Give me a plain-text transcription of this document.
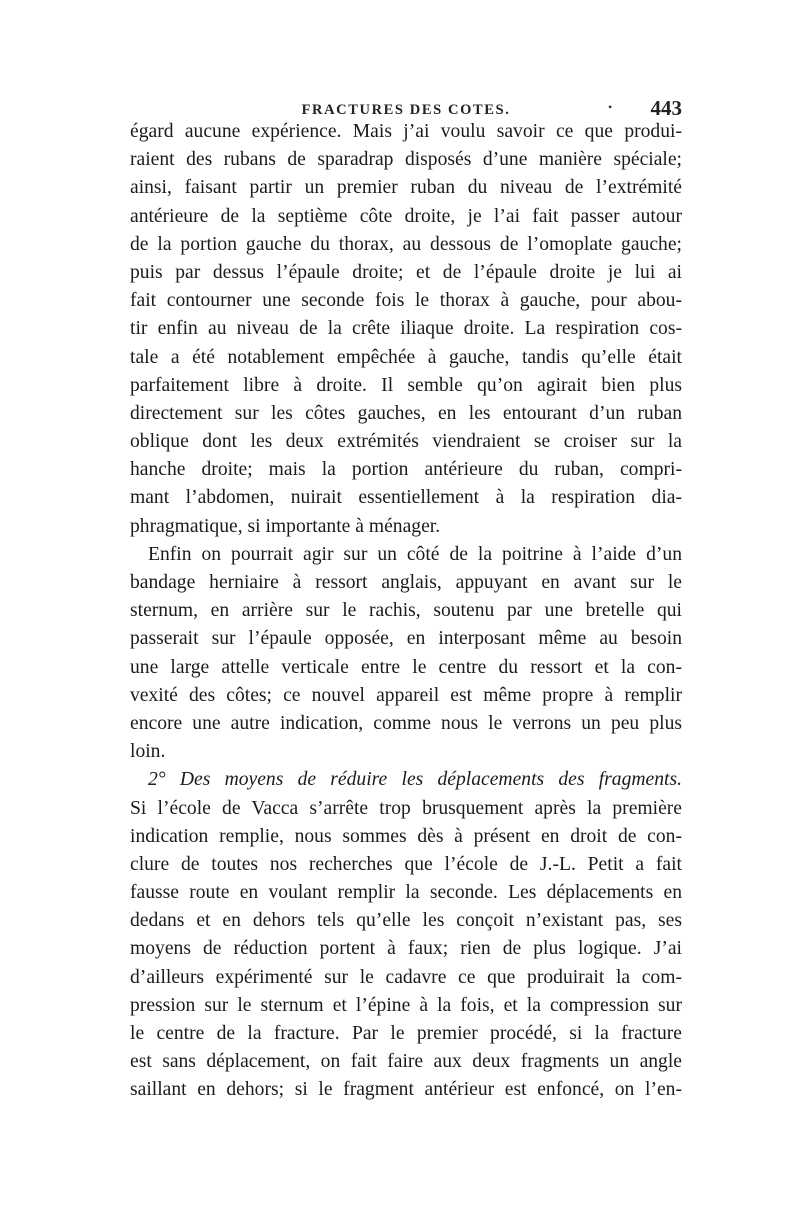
FRACTURES DES COTES.	• 443
égard aucune expérience. Mais j’ai voulu savoir ce que produi-
raient des rubans de sparadrap disposés d’une manière spéciale;
ainsi, faisant partir un premier ruban du niveau de l’extrémité
antérieure de la septième côte droite, je l’ai fait passer autour
de la portion gauche du thorax, au dessous de l’omoplate gauche;
puis par dessus l’épaule droite; et de l’épaule droite je lui ai
fait contourner une seconde fois le thorax à gauche, pour abou-
tir enfin au niveau de la crête iliaque droite. La respiration cos-
tale a été notablement empêchée à gauche, tandis qu’elle était
parfaitement libre à droite. Il semble qu’on agirait bien plus
directement sur les côtes gauches, en les entourant d’un ruban
oblique dont les deux extrémités viendraient se croiser sur la
hanche droite; mais la portion antérieure du ruban, compri-
mant l’abdomen, nuirait essentiellement à la respiration dia-
phragmatique, si importante à ménager.
Enfin on pourrait agir sur un côté de la poitrine à l’aide d’un
bandage herniaire à ressort anglais, appuyant en avant sur le
sternum, en arrière sur le rachis, soutenu par une bretelle qui
passerait sur l’épaule opposée, en interposant même au besoin
une large attelle verticale entre le centre du ressort et la con-
vexité des côtes; ce nouvel appareil est même propre à remplir
encore une autre indication, comme nous le verrons un peu plus
loin.
2° Des moyens de réduire les déplacements des fragments.
Si l’école de Vacca s’arrête trop brusquement après la première
indication remplie, nous sommes dès à présent en droit de con-
clure de toutes nos recherches que l’école de J.-L. Petit a fait
fausse route en voulant remplir la seconde. Les déplacements en
dedans et en dehors tels qu’elle les conçoit n’existant pas, ses
moyens de réduction portent à faux; rien de plus logique. J’ai
d’ailleurs expérimenté sur le cadavre ce que produirait la com-
pression sur le sternum et l’épine à la fois, et la compression sur
le centre de la fracture. Par le premier procédé, si la fracture
est sans déplacement, on fait faire aux deux fragments un angle
saillant en dehors; si le fragment antérieur est enfoncé, on l’en-
